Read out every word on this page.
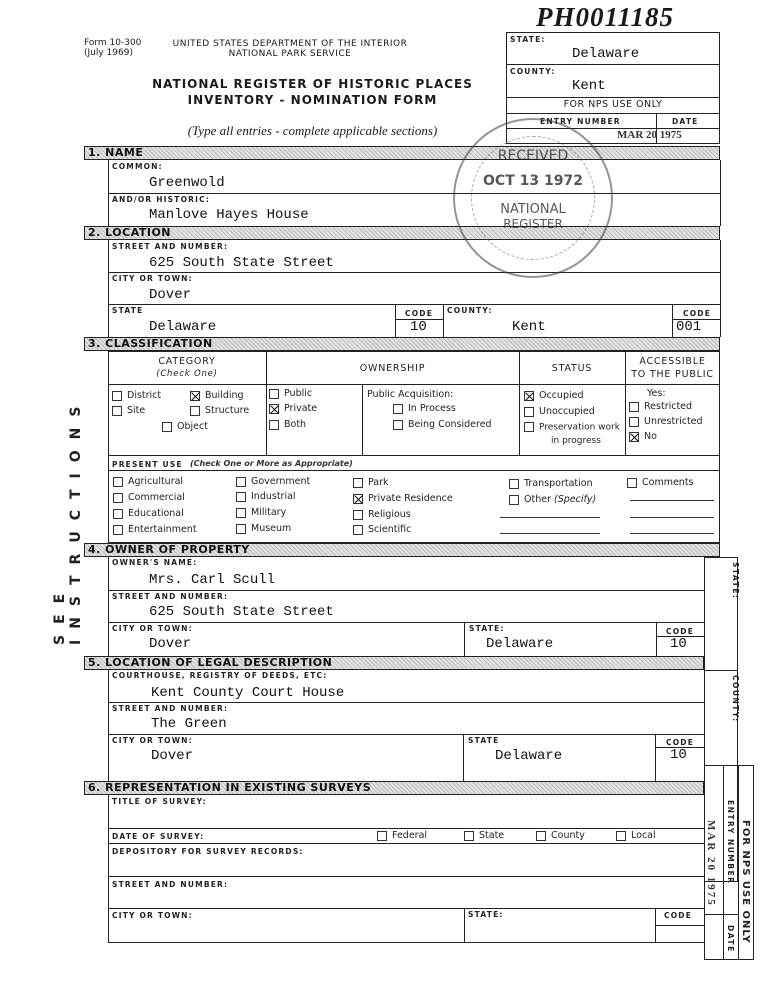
PH0011185
Form 10-300
(July 1969)
UNITED STATES DEPARTMENT OF THE INTERIOR
NATIONAL PARK SERVICE
NATIONAL REGISTER OF HISTORIC PLACES
INVENTORY - NOMINATION FORM
(Type all entries - complete applicable sections)
SEE INSTRUCTIONS
STATE:
Delaware
COUNTY:
Kent
FOR NPS USE ONLY
ENTRY NUMBER	DATE
MAR 20 1975
1. NAME
COMMON:
Greenwold
AND/OR HISTORIC:
Manlove Hayes House
2. LOCATION
STREET AND NUMBER:
625 South State Street
CITY OR TOWN:
Dover
STATE
Delaware
CODE
10
COUNTY:
Kent
CODE
001
3. CLASSIFICATION
CATEGORY
(Check One)	OWNERSHIP	STATUS
ACCESSIBLE
TO THE PUBLIC
District	Building
Site	Structure
Object
Public
Private
Both
Public Acquisition:
In Process
Being Considered
Occupied
Unoccupied
Preservation work
in progress
Yes:
Restricted
Unrestricted
No
PRESENT USE (Check One or More as Appropriate)
Agricultural
Commercial
Educational
Entertainment
Government
Industrial
Military
Museum
Park
Private Residence
Religious
Scientific
Transportation
Other (Specify)
Comments
4. OWNER OF PROPERTY
OWNER'S NAME:
Mrs. Carl Scull
STREET AND NUMBER:
625 South State Street
CITY OR TOWN:
Dover
STATE:
Delaware
CODE
10
5. LOCATION OF LEGAL DESCRIPTION
COURTHOUSE, REGISTRY OF DEEDS, ETC:
Kent County Court House
STREET AND NUMBER:
The Green
CITY OR TOWN:
Dover
STATE
Delaware
CODE
10
6. REPRESENTATION IN EXISTING SURVEYS
TITLE OF SURVEY:
DATE OF SURVEY:	Federal	State	County	Local
DEPOSITORY FOR SURVEY RECORDS:
STREET AND NUMBER:
CITY OR TOWN:	STATE:	CODE
STATE:
COUNTY:
ENTRY NUMBER
DATE FOR NPS USE ONLY
MAR 20 1975
RECEIVED
OCT 13 1972
NATIONAL
REGISTER
